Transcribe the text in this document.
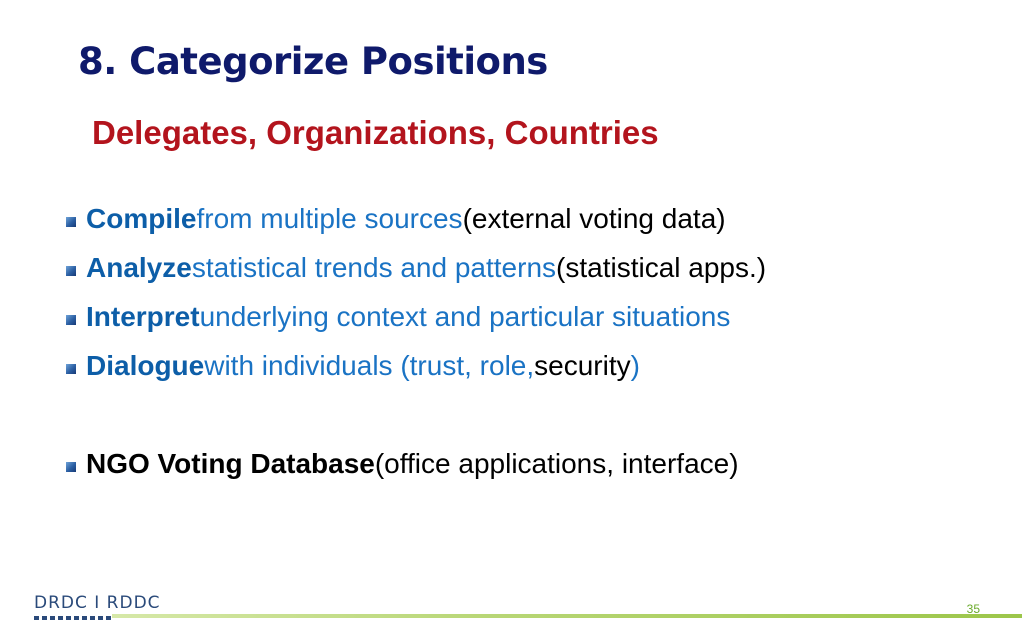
8. Categorize Positions
Delegates, Organizations, Countries
Compile from multiple sources (external voting data)
Analyze statistical trends and patterns (statistical apps.)
Interpret underlying context and particular situations
Dialogue with individuals (trust, role, security )
NGO Voting Database (office applications, interface)
DRDC I RDDC	35
